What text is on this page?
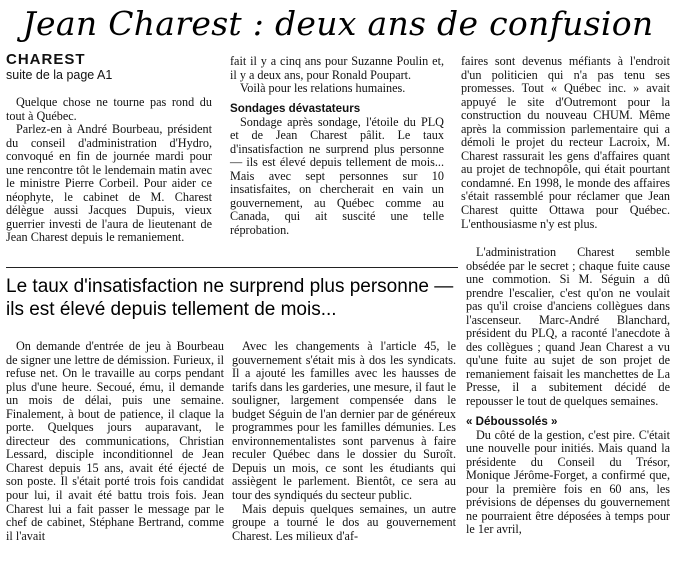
Jean Charest : deux ans de confusion
CHAREST
suite de la page A1

Quelque chose ne tourne pas rond du tout à Québec.

Parlez-en à André Bourbeau, président du conseil d'administration d'Hydro, convoqué en fin de journée mardi pour une rencontre tôt le lendemain matin avec le ministre Pierre Corbeil. Pour aider ce néophyte, le cabinet de M. Charest délègue aussi Jacques Dupuis, vieux guerrier investi de l'aura de lieutenant de Jean Charest depuis le remaniement.

fait il y a cinq ans pour Suzanne Poulin et, il y a deux ans, pour Ronald Poupart.

Voilà pour les relations humaines.

Sondages dévastateurs

Sondage après sondage, l'étoile du PLQ et de Jean Charest pâlit. Le taux d'insatisfaction ne surprend plus personne — ils est élevé depuis tellement de mois... Mais avec sept personnes sur 10 insatisfaites, on chercherait en vain un gouvernement, au Québec comme au Canada, qui ait suscité une telle réprobation.

faires sont devenus méfiants à l'endroit d'un politicien qui n'a pas tenu ses promesses. Tout « Québec inc. » avait appuyé le site d'Outremont pour la construction du nouveau CHUM. Même après la commission parlementaire qui a démoli le projet du recteur Lacroix, M. Charest rassurait les gens d'affaires quant au projet de technopôle, qui était pourtant condamné. En 1998, le monde des affaires s'était rassemblé pour réclamer que Jean Charest quitte Ottawa pour Québec. L'enthousiasme n'y est plus.

Le taux d'insatisfaction ne surprend plus personne — ils est élevé depuis tellement de mois...

On demande d'entrée de jeu à Bourbeau de signer une lettre de démission. Furieux, il refuse net. On le travaille au corps pendant plus d'une heure. Secoué, ému, il demande un mois de délai, puis une semaine. Finalement, à bout de patience, il claque la porte. Quelques jours auparavant, le directeur des communications, Christian Lessard, disciple inconditionnel de Jean Charest depuis 15 ans, avait été éjecté de son poste. Il s'était porté trois fois candidat pour lui, il avait été battu trois fois. Jean Charest lui a fait passer le message par le chef de cabinet, Stéphane Bertrand, comme il l'avait

Avec les changements à l'article 45, le gouvernement s'était mis à dos les syndicats. Il a ajouté les familles avec les hausses de tarifs dans les garderies, une mesure, il faut le souligner, largement compensée dans le budget Séguin de l'an dernier par de généreux programmes pour les familles démunies. Les environnementalistes sont parvenus à faire reculer Québec dans le dossier du Suroît. Depuis un mois, ce sont les étudiants qui assiègent le parlement. Bientôt, ce sera au tour des syndiqués du secteur public.

Mais depuis quelques semaines, un autre groupe a tourné le dos au gouvernement Charest. Les milieux d'af-

L'administration Charest semble obsédée par le secret ; chaque fuite cause une commotion. Si M. Séguin a dû prendre l'escalier, c'est qu'on ne voulait pas qu'il croise d'anciens collègues dans l'ascenseur. Marc-André Blanchard, président du PLQ, a raconté l'anecdote à des collègues ; quand Jean Charest a vu qu'une fuite au sujet de son projet de remaniement faisait les manchettes de La Presse, il a subitement décidé de repousser le tout de quelques semaines.

« Déboussolés »

Du côté de la gestion, c'est pire. C'était une nouvelle pour initiés. Mais quand la présidente du Conseil du Trésor, Monique Jérôme-Forget, a confirmé que, pour la première fois en 60 ans, les prévisions de dépenses du gouvernement ne pourraient être déposées à temps pour le 1er avril,
